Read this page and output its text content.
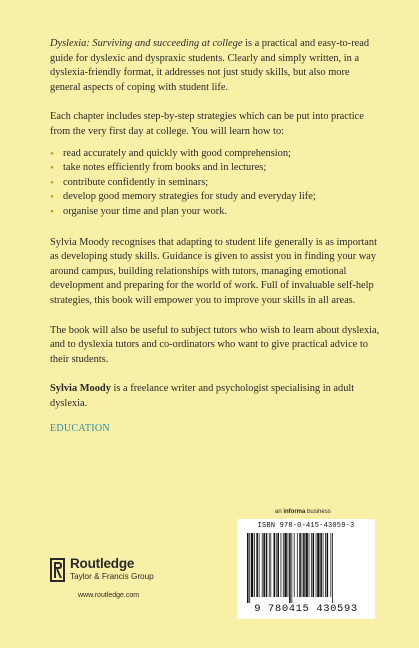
Dyslexia: Surviving and succeeding at college is a practical and easy-to-read guide for dyslexic and dyspraxic students. Clearly and simply written, in a dyslexia-friendly format, it addresses not just study skills, but also more general aspects of coping with student life.

Each chapter includes step-by-step strategies which can be put into practice from the very first day at college. You will learn how to:

• read accurately and quickly with good comprehension;
• take notes efficiently from books and in lectures;
• contribute confidently in seminars;
• develop good memory strategies for study and everyday life;
• organise your time and plan your work.

Sylvia Moody recognises that adapting to student life generally is as important as developing study skills. Guidance is given to assist you in finding your way around campus, building relationships with tutors, managing emotional development and preparing for the world of work. Full of invaluable self-help strategies, this book will empower you to improve your skills in all areas.

The book will also be useful to subject tutors who wish to learn about dyslexia, and to dyslexia tutors and co-ordinators who want to give practical advice to their students.

Sylvia Moody is a freelance writer and psychologist specialising in adult dyslexia.

EDUCATION
Routledge
Taylor & Francis Group
www.routledge.com
an informa business
ISBN 978-0-415-43059-3
9 780415 430593
